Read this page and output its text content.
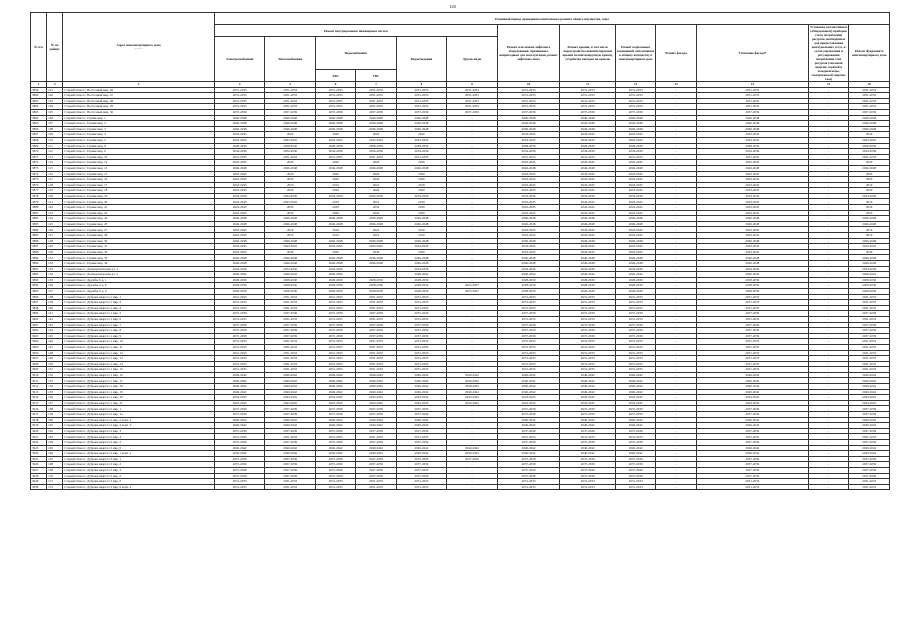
120
№ п/п	№ по району	Адрес многоквартирного дома
дом уст	Плановый период проведения капитального ремонта общего имущества, годы												
			Ремонт внутридомовых инженерных систем						Ремонт или замена лифтового оборудования, признанного непригодным для эксплуатации, ремонт лифтовых шахт	Ремонт крыши, в том числе переустройство невентилируемой крыши на вентилируемую крышу, устройство выходов на кровлю	Ремонт подвальных помещений, относящихся к общему имуществу в многоквартирном доме	Ремонт фасада	Утепление фасада*	Установка коллективных (общедомовых) приборов учета потребления ресурсов, необходимых для предоставления коммунальных услуг, и узлов управления и регулирования потребления этих ресурсов (тепловой энергии, горячей и холодной воды, электрической энергии, газа)	Ремонт фундамента многоквартирного дома
			Электроснабжения	Теплоснабжения	Водоснабжения		Водоотведения	Другие виды							
					ХВС	ГВС									
1	2	3	4	5	6	7	8	9	10	11	12	13	14	15	16
3859	101	Старый Оскол г, Восточный мкр, 46	2031-2033	2031-2033	2031-2033	2031-2033	2031-2033	2031-2033	2031-2033	2031-2033	2031-2033	-	2031-2033	-	2031-2033
3860	102	Старый Оскол г, Восточный мкр, 47	2031-2033	2031-2033	2031-2033	2031-2033	2031-2033	2031-2033	2031-2033	2031-2033	2031-2033	-	2031-2033	-	2031-2033
3861	103	Старый Оскол г, Восточный мкр, 48	2031-2033	2031-2033	2031-2033	2031-2033	2031-2033	2031-2033	2031-2033	2031-2033	2031-2033	-	2031-2033	-	2031-2033
3862	104	Старый Оскол г, Восточный мкр, 49	2031-2033	2031-2033	2031-2033	2031-2033	2031-2033	2031-2033	2031-2033	2031-2033	2031-2033	-	2031-2033	-	2031-2033
3863	105	Старый Оскол г, Восточный мкр, 50	2037-2039	2037-2039	2037-2039	2037-2039	2037-2039	2037-2039	2037-2039	2037-2039	2037-2039	-	2037-2039	-	2037-2039
3864	106	Старый Оскол г, Горняк мкр, 1	2046-2048	2046-2048	2046-2048	2046-2048	2046-2048	-	2046-2048	2046-2048	2046-2048	-	2046-2048	-	2046-2048
3865	107	Старый Оскол г, Горняк мкр, 2	2046-2048	2046-2048	2046-2048	2046-2048	2046-2048	-	2046-2048	2046-2048	2046-2048	-	2046-2048	-	2046-2048
3866	108	Старый Оскол г, Горняк мкр, 3	2046-2048	2046-2048	2046-2048	2046-2048	2046-2048	-	2046-2048	2046-2048	2046-2048	-	2046-2048	-	2046-2048
3867	109	Старый Оскол г, Горняк мкр, 4	2043-2045	2020	2020	2020	2020	-	2043-2045	2043-2045	2043-2045	-	2043-2045	-	2020
3868	110	Старый Оскол г, Горняк мкр, 5	2043-2045	2043-2045	2043-2045	2043-2045	2043-2045	-	2043-2045	2043-2045	2043-2045	-	2043-2045	-	2043-2045
3869	111	Старый Оскол г, Горняк мкр, 8	2028-2030	2028-2030	2028-2030	2028-2030	2028-2030	-	2028-2030	2028-2030	2028-2030	-	2028-2030	-	2028-2030
3870	112	Старый Оскол г, Горняк мкр, 9	2034-2036	2034-2036	2034-2036	2034-2036	2034-2036	-	2034-2036	2034-2036	2034-2036	-	2034-2036	-	2034-2036
3871	113	Старый Оскол г, Горняк мкр, 10	2031-2033	2031-2033	2031-2033	2031-2033	2031-2033	-	2031-2033	2031-2033	2031-2033	-	2031-2033	-	2031-2033
3872	114	Старый Оскол г, Горняк мкр, 12	2043-2045	2020	2020	2020	2020	-	2043-2045	2043-2045	2043-2045	-	2043-2045	-	2020
3873	115	Старый Оскол г, Горняк мкр, 13	2046-2048	2046-2048	2046-2048	2046-2048	2046-2048	-	2046-2048	2046-2048	2046-2048	-	2046-2048	-	2046-2048
3874	116	Старый Оскол г, Горняк мкр, 15	2043-2045	2020	2020	2020	2020	-	2043-2045	2043-2045	2043-2045	-	2043-2045	-	2020
3875	117	Старый Оскол г, Горняк мкр, 16	2043-2045	2020	2020	2020	2020	-	2043-2045	2043-2045	2043-2045	-	2043-2045	-	2020
3876	118	Старый Оскол г, Горняк мкр, 17	2043-2045	2019	2019	2019	2019	-	2043-2045	2043-2045	2043-2045	-	2043-2045	-	2019
3877	119	Старый Оскол г, Горняк мкр, 18	2043-2045	2020	2020	2020	2020	-	2043-2045	2043-2045	2043-2045	-	2043-2045	-	2020
3878	120	Старый Оскол г, Горняк мкр, 19	2034-2036	2034-2036	2034-2036	2034-2036	2034-2036	-	2034-2036	2034-2036	2034-2036	-	2034-2036	-	2034-2036
3879	121	Старый Оскол г, Горняк мкр, 20	2043-2045	2043-2045	2019	2019	2019	-	2043-2045	2043-2045	2043-2045	-	2043-2045	-	2019
3880	122	Старый Оскол г, Горняк мкр, 21	2043-2045	2030	2030	2030	2030	-	2043-2045	2043-2045	2043-2045	-	2043-2045	-	2030
3881	123	Старый Оскол г, Горняк мкр, 22	2043-2045	2020	2020	2020	2020	-	2043-2045	2043-2045	2043-2045	-	2043-2045	-	2020
3882	124	Старый Оскол г, Горняк мкр, 24	2046-2048	2046-2048	2046-2048	2046-2048	2046-2048	-	2046-2048	2046-2048	2046-2048	-	2046-2048	-	2046-2048
3883	125	Старый Оскол г, Горняк мкр, 25	2046-2048	2046-2048	2046-2048	2046-2048	2046-2048	-	2046-2048	2046-2048	2046-2048	-	2046-2048	-	2046-2048
3884	126	Старый Оскол г, Горняк мкр, 27	2043-2045	2019	2019	2019	2019	-	2043-2045	2043-2045	2043-2045	-	2043-2045	-	2019
3885	127	Старый Оскол г, Горняк мкр, 28	2043-2045	2019	2019	2019	2019	-	2043-2045	2043-2045	2043-2045	-	2043-2045	-	2019
3886	128	Старый Оскол г, Горняк мкр, 30	2046-2048	2046-2048	2046-2048	2046-2048	2046-2048	-	2046-2048	2046-2048	2046-2048	-	2046-2048	-	2046-2048
3887	129	Старый Оскол г, Горняк мкр, 31	2043-2045	2043-2045	2043-2045	2043-2045	2043-2045	-	2043-2045	2043-2045	2043-2045	-	2043-2045	-	2043-2045
3888	130	Старый Оскол г, Горняк мкр, 32	2043-2045	2030	2030	2030	2030	-	2043-2045	2043-2045	2043-2045	-	2043-2045	-	2030
3889	131	Старый Оскол г, Горняк мкр, 33	2046-2048	2046-2048	2046-2048	2046-2048	2046-2048	-	2046-2048	2046-2048	2046-2048	-	2046-2048	-	2046-2048
3890	132	Старый Оскол г, Горняк мкр, 34	2046-2048	2046-2048	2046-2048	2046-2048	2046-2048	-	2046-2048	2046-2048	2046-2048	-	2046-2048	-	2046-2048
3891	133	Старый Оскол г, Демократическая ул, 3	2034-2036	2034-2036	2034-2036	-	2034-2036	-	2034-2036	2034-2036	2034-2036	-	2034-2036	-	2034-2036
3892	134	Старый Оскол г, Демократическая ул, 5	2040-2042	2040-2042	2040-2042	-	2040-2042	-	2040-2042	2040-2042	2040-2042	-	2040-2042	-	2040-2042
3893	135	Старый Оскол г, Дружбы б-р, 1	2028-2030	2028-2030	2028-2030	2028-2030	2028-2030	-	2028-2030	2028-2030	2028-2030	-	2028-2030	-	2028-2030
3894	136	Старый Оскол г, Дружбы б-р, 8	2028-2030	2028-2030	2028-2030	2028-2030	2028-2030	2025-2027	2028-2030	2028-2030	2028-2030	-	2028-2030	-	2028-2030
3895	137	Старый Оскол г, Дружбы б-р, 9	2028-2030	2028-2030	2028-2030	2028-2030	2028-2030	2025-2027	2028-2030	2028-2030	2028-2030	-	2028-2030	-	2028-2030
3896	138	Старый Оскол г, Дубрава квартал 1 мкр, 1	2031-2033	2031-2033	2031-2033	2031-2033	2031-2033	-	2031-2033	2031-2033	2031-2033	-	2031-2033	-	2031-2033
3897	139	Старый Оскол г, Дубрава квартал 1 мкр, 2	2031-2033	2031-2033	2031-2033	2031-2033	2031-2033	-	2031-2033	2031-2033	2031-2033	-	2031-2033	-	2031-2033
3898	140	Старый Оскол г, Дубрава квартал 1 мкр, 4	2031-2033	2031-2033	2031-2033	2031-2033	2031-2033	-	2031-2033	2031-2033	2031-2033	-	2031-2033	-	2031-2033
3899	141	Старый Оскол г, Дубрава квартал 1 мкр, 5	2037-2039	2037-2039	2037-2039	2037-2039	2037-2039	-	2037-2039	2037-2039	2037-2039	-	2037-2039	-	2037-2039
3900	142	Старый Оскол г, Дубрава квартал 1 мкр, 6	2031-2033	2031-2033	2031-2033	2031-2033	2031-2033	-	2031-2033	2031-2033	2031-2033	-	2031-2033	-	2031-2033
3901	143	Старый Оскол г, Дубрава квартал 1 мкр, 7	2037-2039	2037-2039	2037-2039	2037-2039	2037-2039	-	2037-2039	2037-2039	2037-2039	-	2037-2039	-	2037-2039
3902	144	Старый Оскол г, Дубрава квартал 1 мкр, 8	2037-2039	2037-2039	2037-2039	2037-2039	2037-2039	-	2037-2039	2037-2039	2037-2039	-	2037-2039	-	2037-2039
3903	145	Старый Оскол г, Дубрава квартал 1 мкр, 9	2037-2039	2037-2039	2037-2039	2037-2039	2037-2039	-	2037-2039	2037-2039	2037-2039	-	2037-2039	-	2037-2039
3904	146	Старый Оскол г, Дубрава квартал 1 мкр, 10	2031-2033	2031-2033	2031-2033	2031-2033	2031-2033	-	2031-2033	2031-2033	2031-2033	-	2031-2033	-	2031-2033
3905	147	Старый Оскол г, Дубрава квартал 1 мкр, 11	2031-2033	2031-2033	2031-2033	2031-2033	2031-2033	-	2031-2033	2031-2033	2031-2033	-	2031-2033	-	2031-2033
3906	148	Старый Оскол г, Дубрава квартал 1 мкр, 12	2031-2033	2031-2033	2031-2033	2031-2033	2031-2033	-	2031-2033	2031-2033	2031-2033	-	2031-2033	-	2031-2033
3907	149	Старый Оскол г, Дубрава квартал 1 мкр, 13	2031-2033	2031-2033	2031-2033	2031-2033	2031-2033	-	2031-2033	2031-2033	2031-2033	-	2031-2033	-	2031-2033
3908	150	Старый Оскол г, Дубрава квартал 1 мкр, 14	2031-2033	2031-2033	2031-2033	2031-2033	2031-2033	-	2031-2033	2031-2033	2031-2033	-	2031-2033	-	2031-2033
3909	151	Старый Оскол г, Дубрава квартал 1 мкр, 15	2031-2033	2031-2033	2031-2033	2031-2033	2031-2033	-	2031-2033	2031-2033	2031-2033	-	2031-2033	-	2031-2033
3910	152	Старый Оскол г, Дубрава квартал 1 мкр, 16	2040-2042	2040-2042	2040-2042	2040-2042	2040-2042	2040-2042	2040-2042	2040-2042	2040-2042	-	2040-2042	-	2040-2042
3911	153	Старый Оскол г, Дубрава квартал 1 мкр, 17	2040-2042	2040-2042	2040-2042	2040-2042	2040-2042	2040-2042	2040-2042	2040-2042	2040-2042	-	2040-2042	-	2040-2042
3912	154	Старый Оскол г, Дубрава квартал 1 мкр, 18	2040-2042	2040-2042	2040-2042	2040-2042	2040-2042	2040-2042	2040-2042	2040-2042	2040-2042	-	2040-2042	-	2040-2042
3913	155	Старый Оскол г, Дубрава квартал 1 мкр, 19	2040-2042	2040-2042	2040-2042	2040-2042	2040-2042	2040-2042	2040-2042	2040-2042	2040-2042	-	2040-2042	-	2040-2042
3914	156	Старый Оскол г, Дубрава квартал 1 мкр, 20	2043-2045	2043-2045	2043-2045	2043-2045	2043-2045	2043-2045	2043-2045	2043-2045	2043-2045	-	2043-2045	-	2043-2045
3915	157	Старый Оскол г, Дубрава квартал 1 мкр, 21	2043-2045	2043-2045	2043-2045	2043-2045	2043-2045	2043-2045	2043-2045	2043-2045	2043-2045	-	2043-2045	-	2043-2045
3916	158	Старый Оскол г, Дубрава квартал 2 мкр, 1	2037-2039	2037-2039	2037-2039	2037-2039	2037-2039	-	2037-2039	2037-2039	2037-2039	-	2037-2039	-	2037-2039
3917	159	Старый Оскол г, Дубрава квартал 2 мкр, 1а	2037-2039	2037-2039	2037-2039	2037-2039	2037-2039	-	2037-2039	2037-2039	2037-2039	-	2037-2039	-	2037-2039
3918	160	Старый Оскол г, Дубрава квартал 2 мкр, 2 корп. а	2040-2042	2040-2042	2040-2042	2040-2042	2040-2042	-	2040-2042	2040-2042	2040-2042	-	2040-2042	-	2040-2042
3919	161	Старый Оскол г, Дубрава квартал 2 мкр, 2 корп. б	2040-2042	2040-2042	2040-2042	2040-2042	2040-2042	-	2040-2042	2040-2042	2040-2042	-	2040-2042	-	2040-2042
3920	162	Старый Оскол г, Дубрава квартал 2 мкр, 3	2037-2039	2037-2039	2037-2039	2037-2039	2037-2039	-	2037-2039	2037-2039	2037-2039	-	2037-2039	-	2037-2039
3921	163	Старый Оскол г, Дубрава квартал 2 мкр, 4	2031-2033	2031-2033	2031-2033	2031-2033	2031-2033	-	2031-2033	2031-2033	2031-2033	-	2031-2033	-	2031-2033
3922	164	Старый Оскол г, Дубрава квартал 2 мкр, 5	2037-2039	2037-2039	2037-2039	2037-2039	2037-2039	-	2037-2039	2037-2039	2037-2039	-	2037-2039	-	2037-2039
3923	165	Старый Оскол г, Дубрава квартал 2 мкр, 6	2040-2042	2040-2042	2040-2042	2040-2042	2040-2042	2040-2042	2040-2042	2040-2042	2040-2042	-	2040-2042	-	2040-2042
3924	166	Старый Оскол г, Дубрава квартал 3 мкр, 1 корп. а	2040-2042	2040-2042	2040-2042	2040-2042	2040-2042	2040-2042	2040-2042	2040-2042	2040-2042	-	2040-2042	-	2040-2042
3925	167	Старый Оскол г, Дубрава квартал 3 мкр, 1	2037-2039	2037-2039	2037-2039	2037-2039	2037-2039	2037-2039	2037-2039	2037-2039	2037-2039	-	2037-2039	-	2037-2039
3926	168	Старый Оскол г, Дубрава квартал 3 мкр, 2	2037-2039	2037-2039	2037-2039	2037-2039	2037-2039	-	2037-2039	2037-2039	2037-2039	-	2037-2039	-	2037-2039
3927	169	Старый Оскол г, Дубрава квартал 3 мкр, 3	2037-2039	2037-2039	2037-2039	2037-2039	2037-2039	-	2037-2039	2037-2039	2037-2039	-	2037-2039	-	2037-2039
3928	170	Старый Оскол г, Дубрава квартал 3 мкр, 5	2037-2039	2037-2039	2037-2039	2037-2039	2037-2039	-	2037-2039	2037-2039	2037-2039	-	2037-2039	-	2037-2039
3929	171	Старый Оскол г, Дубрава квартал 3 мкр, 6	2031-2033	2031-2033	2031-2033	2031-2033	2031-2033	-	2031-2033	2031-2033	2031-2033	-	2031-2033	-	2031-2033
3930	172	Старый Оскол г, Дубрава квартал 3 мкр, 6 корп. а	2031-2033	2031-2033	2031-2033	2031-2033	2031-2033	-	2031-2033	2031-2033	2031-2033	-	2031-2033	-	2031-2033
